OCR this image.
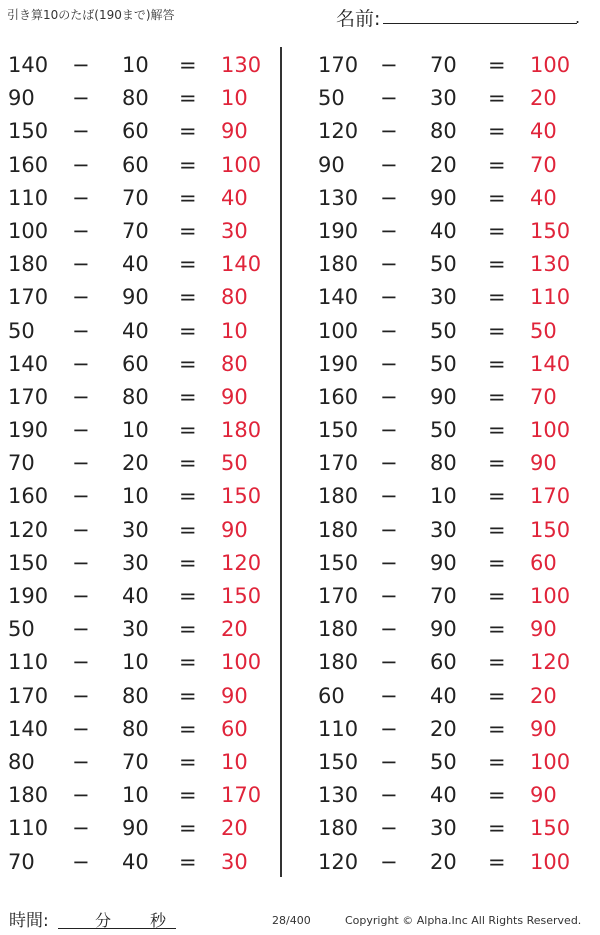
引き算10のたば(190まで)解答	名前:	.
140 − 10 = 130
90 − 80 = 10
150 − 60 = 90
160 − 60 = 100
110 − 70 = 40
100 − 70 = 30
180 − 40 = 140
170 − 90 = 80
50 − 40 = 10
140 − 60 = 80
170 − 80 = 90
190 − 10 = 180
70 − 20 = 50
160 − 10 = 150
120 − 30 = 90
150 − 30 = 120
190 − 40 = 150
50 − 30 = 20
110 − 10 = 100
170 − 80 = 90
140 − 80 = 60
80 − 70 = 10
180 − 10 = 170
110 − 90 = 20
70 − 40 = 30
170 − 70 = 100
50 − 30 = 20
120 − 80 = 40
90 − 20 = 70
130 − 90 = 40
190 − 40 = 150
180 − 50 = 130
140 − 30 = 110
100 − 50 = 50
190 − 50 = 140
160 − 90 = 70
150 − 50 = 100
170 − 80 = 90
180 − 10 = 170
180 − 30 = 150
150 − 90 = 60
170 − 70 = 100
180 − 90 = 90
180 − 60 = 120
60 − 40 = 20
110 − 20 = 90
150 − 50 = 100
130 − 40 = 90
180 − 30 = 150
120 − 20 = 100
時間:	分 秒	28/400	Copyright © Alpha.Inc All Rights Reserved.
